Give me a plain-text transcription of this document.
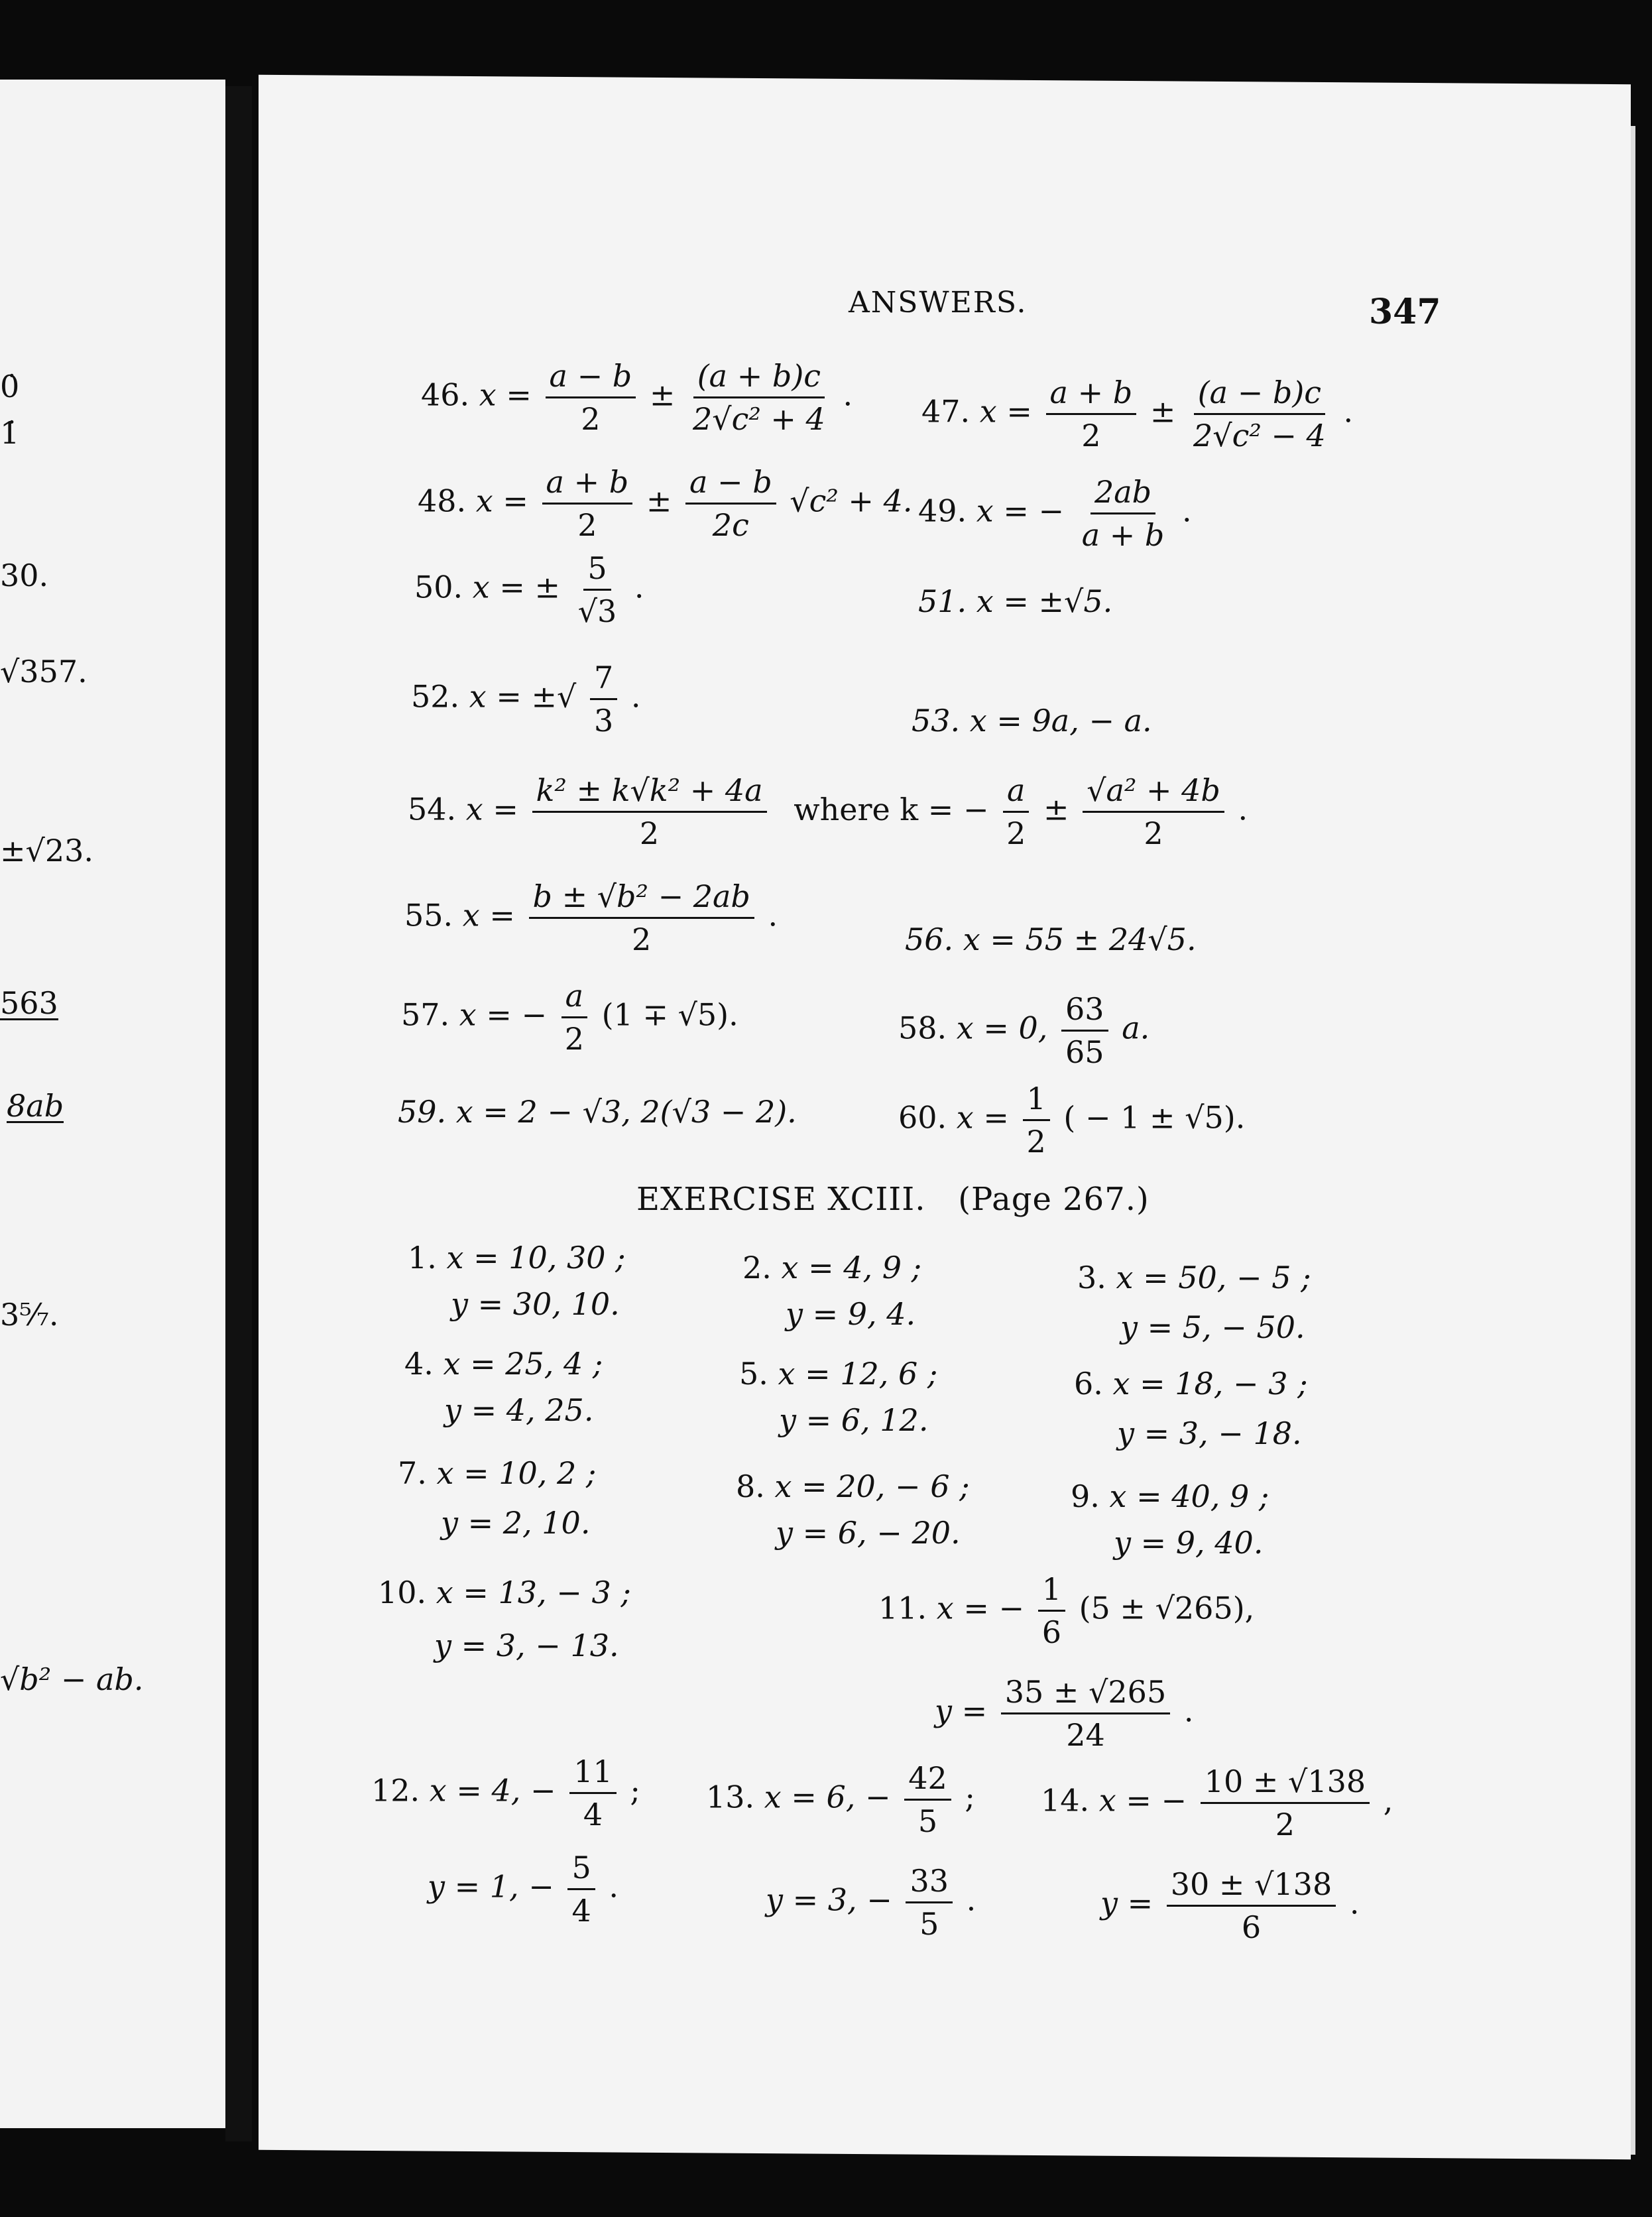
0̇
1̇
30.
√357.
±√23.
563
8ab
3⁵⁄₇.
√b² − ab.
ANSWERS.	347
46. $x = \frac{a - b}{2} \pm \frac{(a + b)c}{\text{2√c² + 4}}$ . 47. $x = \frac{a + b}{2} \pm \frac{(a - b)c}{\text{2√c² − 4}}$ .
48. $x = \frac{a + b}{2} \pm \frac{a - b}{2c} √c^2 + 4$. 49. x = − $\frac{2ab}{a + b}$ .
50. x = ± $\frac{5}{√3}$ .	51. x = ±√5.
52. x = ±√ $\frac{7}{3}$ .
53. x = 9a, − a.
54. $x = \frac{\text{k² ± k√k² + 4a}}{2}$ where k = − $\frac{a}{2} \pm \frac{\text{√a² + 4b}}{2}$ .
55. $x = \frac{\text{b ± √b² − 2ab}}{2}$ .
56. x = 55 ± 24√5.
57. x = − $\frac{a}{2} (1 \mp √5)$.	58. x = 0, $\frac{63}{65} a$.
59. x = 2 − √3, 2(√3 − 2).	60. $x = \frac{1}{2}$ ( − 1 ± √5).
EXERCISE XCIII. (Page 267.)
1. x = 10, 30 ;
y = 30, 10.
2. x = 4, 9 ;
y = 9, 4.
3. x = 50, − 5 ;
y = 5, − 50.
4. x = 25, 4 ;
y = 4, 25.
5. x = 12, 6 ;
y = 6, 12.
6. x = 18, − 3 ;
y = 3, − 18.
7. x = 10, 2 ;
y = 2, 10.
8. x = 20, − 6 ;
y = 6, − 20.
9. x = 40, 9 ;
y = 9, 40.
10. x = 13, − 3 ;
y = 3, − 13.
11. x = − $\frac{1}{6} (5 \pm √265)$,
$y = \frac{35 \pm √265}{24}$ .
12. x = 4, − $\frac{11}{4}$ ;
y = 1, − $\frac{5}{4}$ .
13. x = 6, − $\frac{42}{5}$ ;
y = 3, − $\frac{33}{5}$ .
14. x = − $\frac{10 \pm √138}{2}$ ,
$y = \frac{30 \pm √138}{6}$ .
